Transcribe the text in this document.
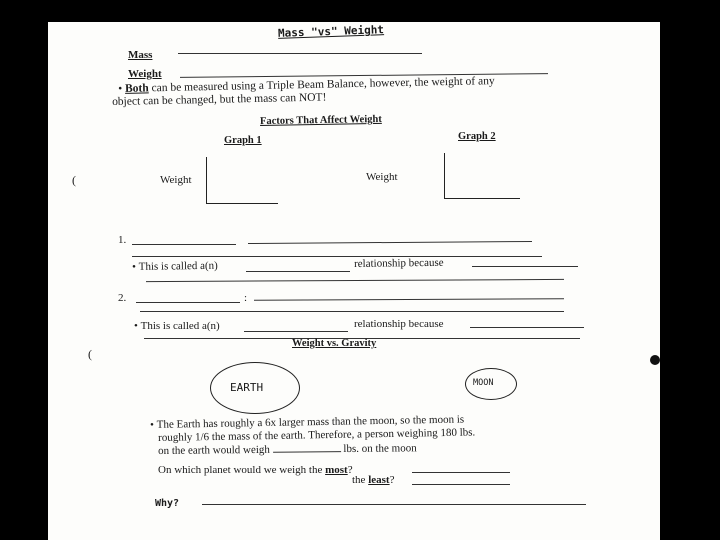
Mass "vs" Weight
Mass
Weight
• Both can be measured using a Triple Beam Balance, however, the weight of any
object can be changed, but the mass can NOT!
Factors That Affect Weight
Graph 1
Weight
Graph 2
Weight
1.
• This is called a(n)	relationship because
2.	:
• This is called a(n)	relationship because
Weight vs. Gravity
EARTH	MOON
• The Earth has roughly a 6x larger mass than the moon, so the moon is
roughly 1/6 the mass of the earth. Therefore, a person weighing 180 lbs.
on the earth would weigh	lbs. on the moon
On which planet would we weigh the most?
the least?
Why?
(
(
